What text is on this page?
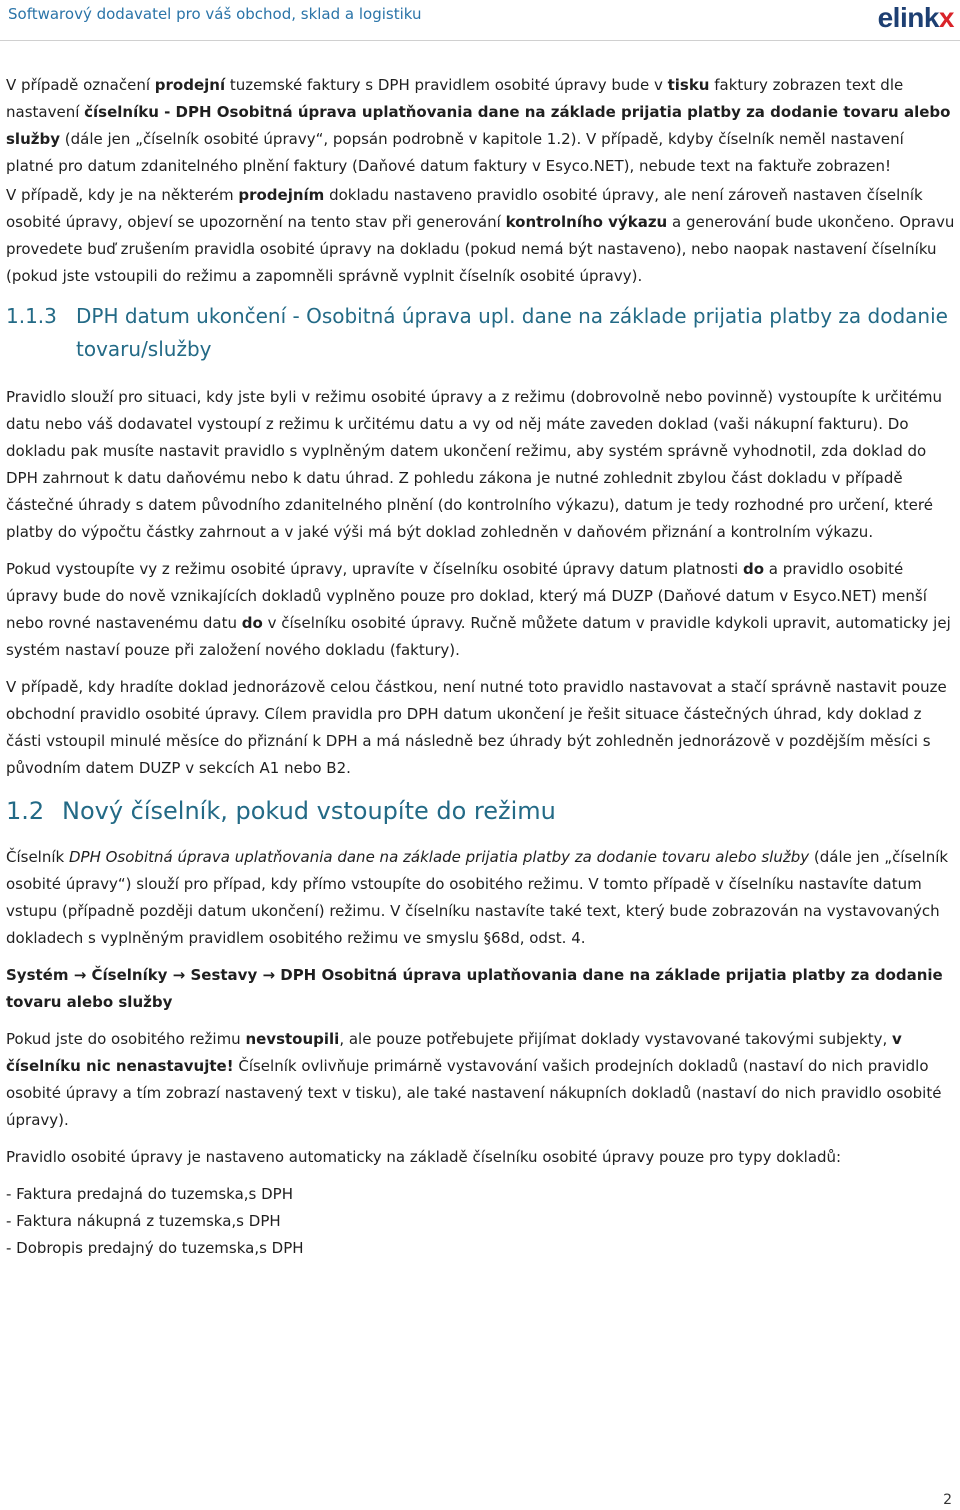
Softwarový dodavatel pro váš obchod, sklad a logistiku	elinkx

V případě označení prodejní tuzemské faktury s DPH pravidlem osobité úpravy bude v tisku faktury zobrazen text dle nastavení číselníku - DPH Osobitná úprava uplatňovania dane na základe prijatia platby za dodanie tovaru alebo služby (dále jen „číselník osobité úpravy“, popsán podrobně v kapitole 1.2). V případě, kdyby číselník neměl nastavení platné pro datum zdanitelného plnění faktury (Daňové datum faktury v Esyco.NET), nebude text na faktuře zobrazen!

V případě, kdy je na některém prodejním dokladu nastaveno pravidlo osobité úpravy, ale není zároveň nastaven číselník osobité úpravy, objeví se upozornění na tento stav při generování kontrolního výkazu a generování bude ukončeno. Opravu provedete buď zrušením pravidla osobité úpravy na dokladu (pokud nemá být nastaveno), nebo naopak nastavení číselníku (pokud jste vstoupili do režimu a zapomněli správně vyplnit číselník osobité úpravy).

1.1.3 DPH datum ukončení - Osobitná úprava upl. dane na základe prijatia platby za dodanie tovaru/služby

Pravidlo slouží pro situaci, kdy jste byli v režimu osobité úpravy a z režimu (dobrovolně nebo povinně) vystoupíte k určitému datu nebo váš dodavatel vystoupí z režimu k určitému datu a vy od něj máte zaveden doklad (vaši nákupní fakturu). Do dokladu pak musíte nastavit pravidlo s vyplněným datem ukončení režimu, aby systém správně vyhodnotil, zda doklad do DPH zahrnout k datu daňovému nebo k datu úhrad. Z pohledu zákona je nutné zohlednit zbylou část dokladu v případě částečné úhrady s datem původního zdanitelného plnění (do kontrolního výkazu), datum je tedy rozhodné pro určení, které platby do výpočtu částky zahrnout a v jaké výši má být doklad zohledněn v daňovém přiznání a kontrolním výkazu.

Pokud vystoupíte vy z režimu osobité úpravy, upravíte v číselníku osobité úpravy datum platnosti do a pravidlo osobité úpravy bude do nově vznikajících dokladů vyplněno pouze pro doklad, který má DUZP (Daňové datum v Esyco.NET) menší nebo rovné nastavenému datu do v číselníku osobité úpravy. Ručně můžete datum v pravidle kdykoli upravit, automaticky jej systém nastaví pouze při založení nového dokladu (faktury).

V případě, kdy hradíte doklad jednorázově celou částkou, není nutné toto pravidlo nastavovat a stačí správně nastavit pouze obchodní pravidlo osobité úpravy. Cílem pravidla pro DPH datum ukončení je řešit situace částečných úhrad, kdy doklad z části vstoupil minulé měsíce do přiznání k DPH a má následně bez úhrady být zohledněn jednorázově v pozdějším měsíci s původním datem DUZP v sekcích A1 nebo B2.

1.2 Nový číselník, pokud vstoupíte do režimu

Číselník DPH Osobitná úprava uplatňovania dane na základe prijatia platby za dodanie tovaru alebo služby (dále jen „číselník osobité úpravy“) slouží pro případ, kdy přímo vstoupíte do osobitého režimu. V tomto případě v číselníku nastavíte datum vstupu (případně později datum ukončení) režimu. V číselníku nastavíte také text, který bude zobrazován na vystavovaných dokladech s vyplněným pravidlem osobitého režimu ve smyslu §68d, odst. 4.

Systém → Číselníky → Sestavy → DPH Osobitná úprava uplatňovania dane na základe prijatia platby za dodanie tovaru alebo služby

Pokud jste do osobitého režimu nevstoupili, ale pouze potřebujete přijímat doklady vystavované takovými subjekty, v číselníku nic nenastavujte! Číselník ovlivňuje primárně vystavování vašich prodejních dokladů (nastaví do nich pravidlo osobité úpravy a tím zobrazí nastavený text v tisku), ale také nastavení nákupních dokladů (nastaví do nich pravidlo osobité úpravy).

Pravidlo osobité úpravy je nastaveno automaticky na základě číselníku osobité úpravy pouze pro typy dokladů:

- Faktura predajná do tuzemska,s DPH
- Faktura nákupná z tuzemska,s DPH
- Dobropis predajný do tuzemska,s DPH
2
